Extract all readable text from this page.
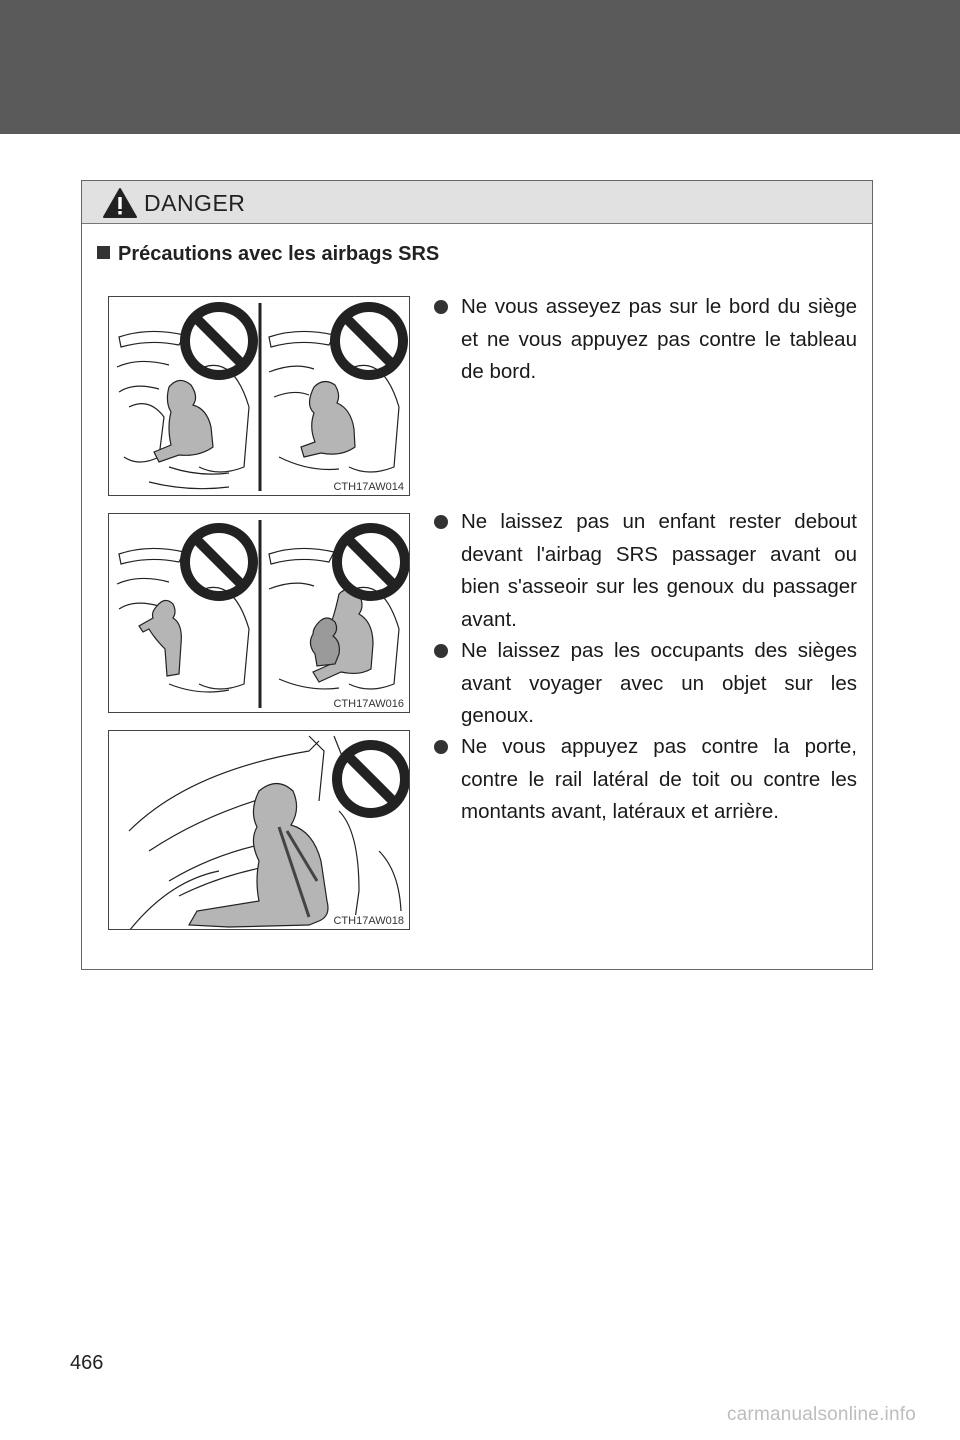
DANGER
Précautions avec les airbags SRS
CTH17AW014
CTH17AW016
CTH17AW018
Ne vous asseyez pas sur le bord du siège et ne vous appuyez pas contre le tableau de bord.
Ne laissez pas un enfant rester debout devant l'airbag SRS passager avant ou bien s'asseoir sur les genoux du passager avant.
Ne laissez pas les occupants des sièges avant voyager avec un objet sur les genoux.
Ne vous appuyez pas contre la porte, contre le rail latéral de toit ou contre les montants avant, latéraux et arrière.
466
carmanualsonline.info
